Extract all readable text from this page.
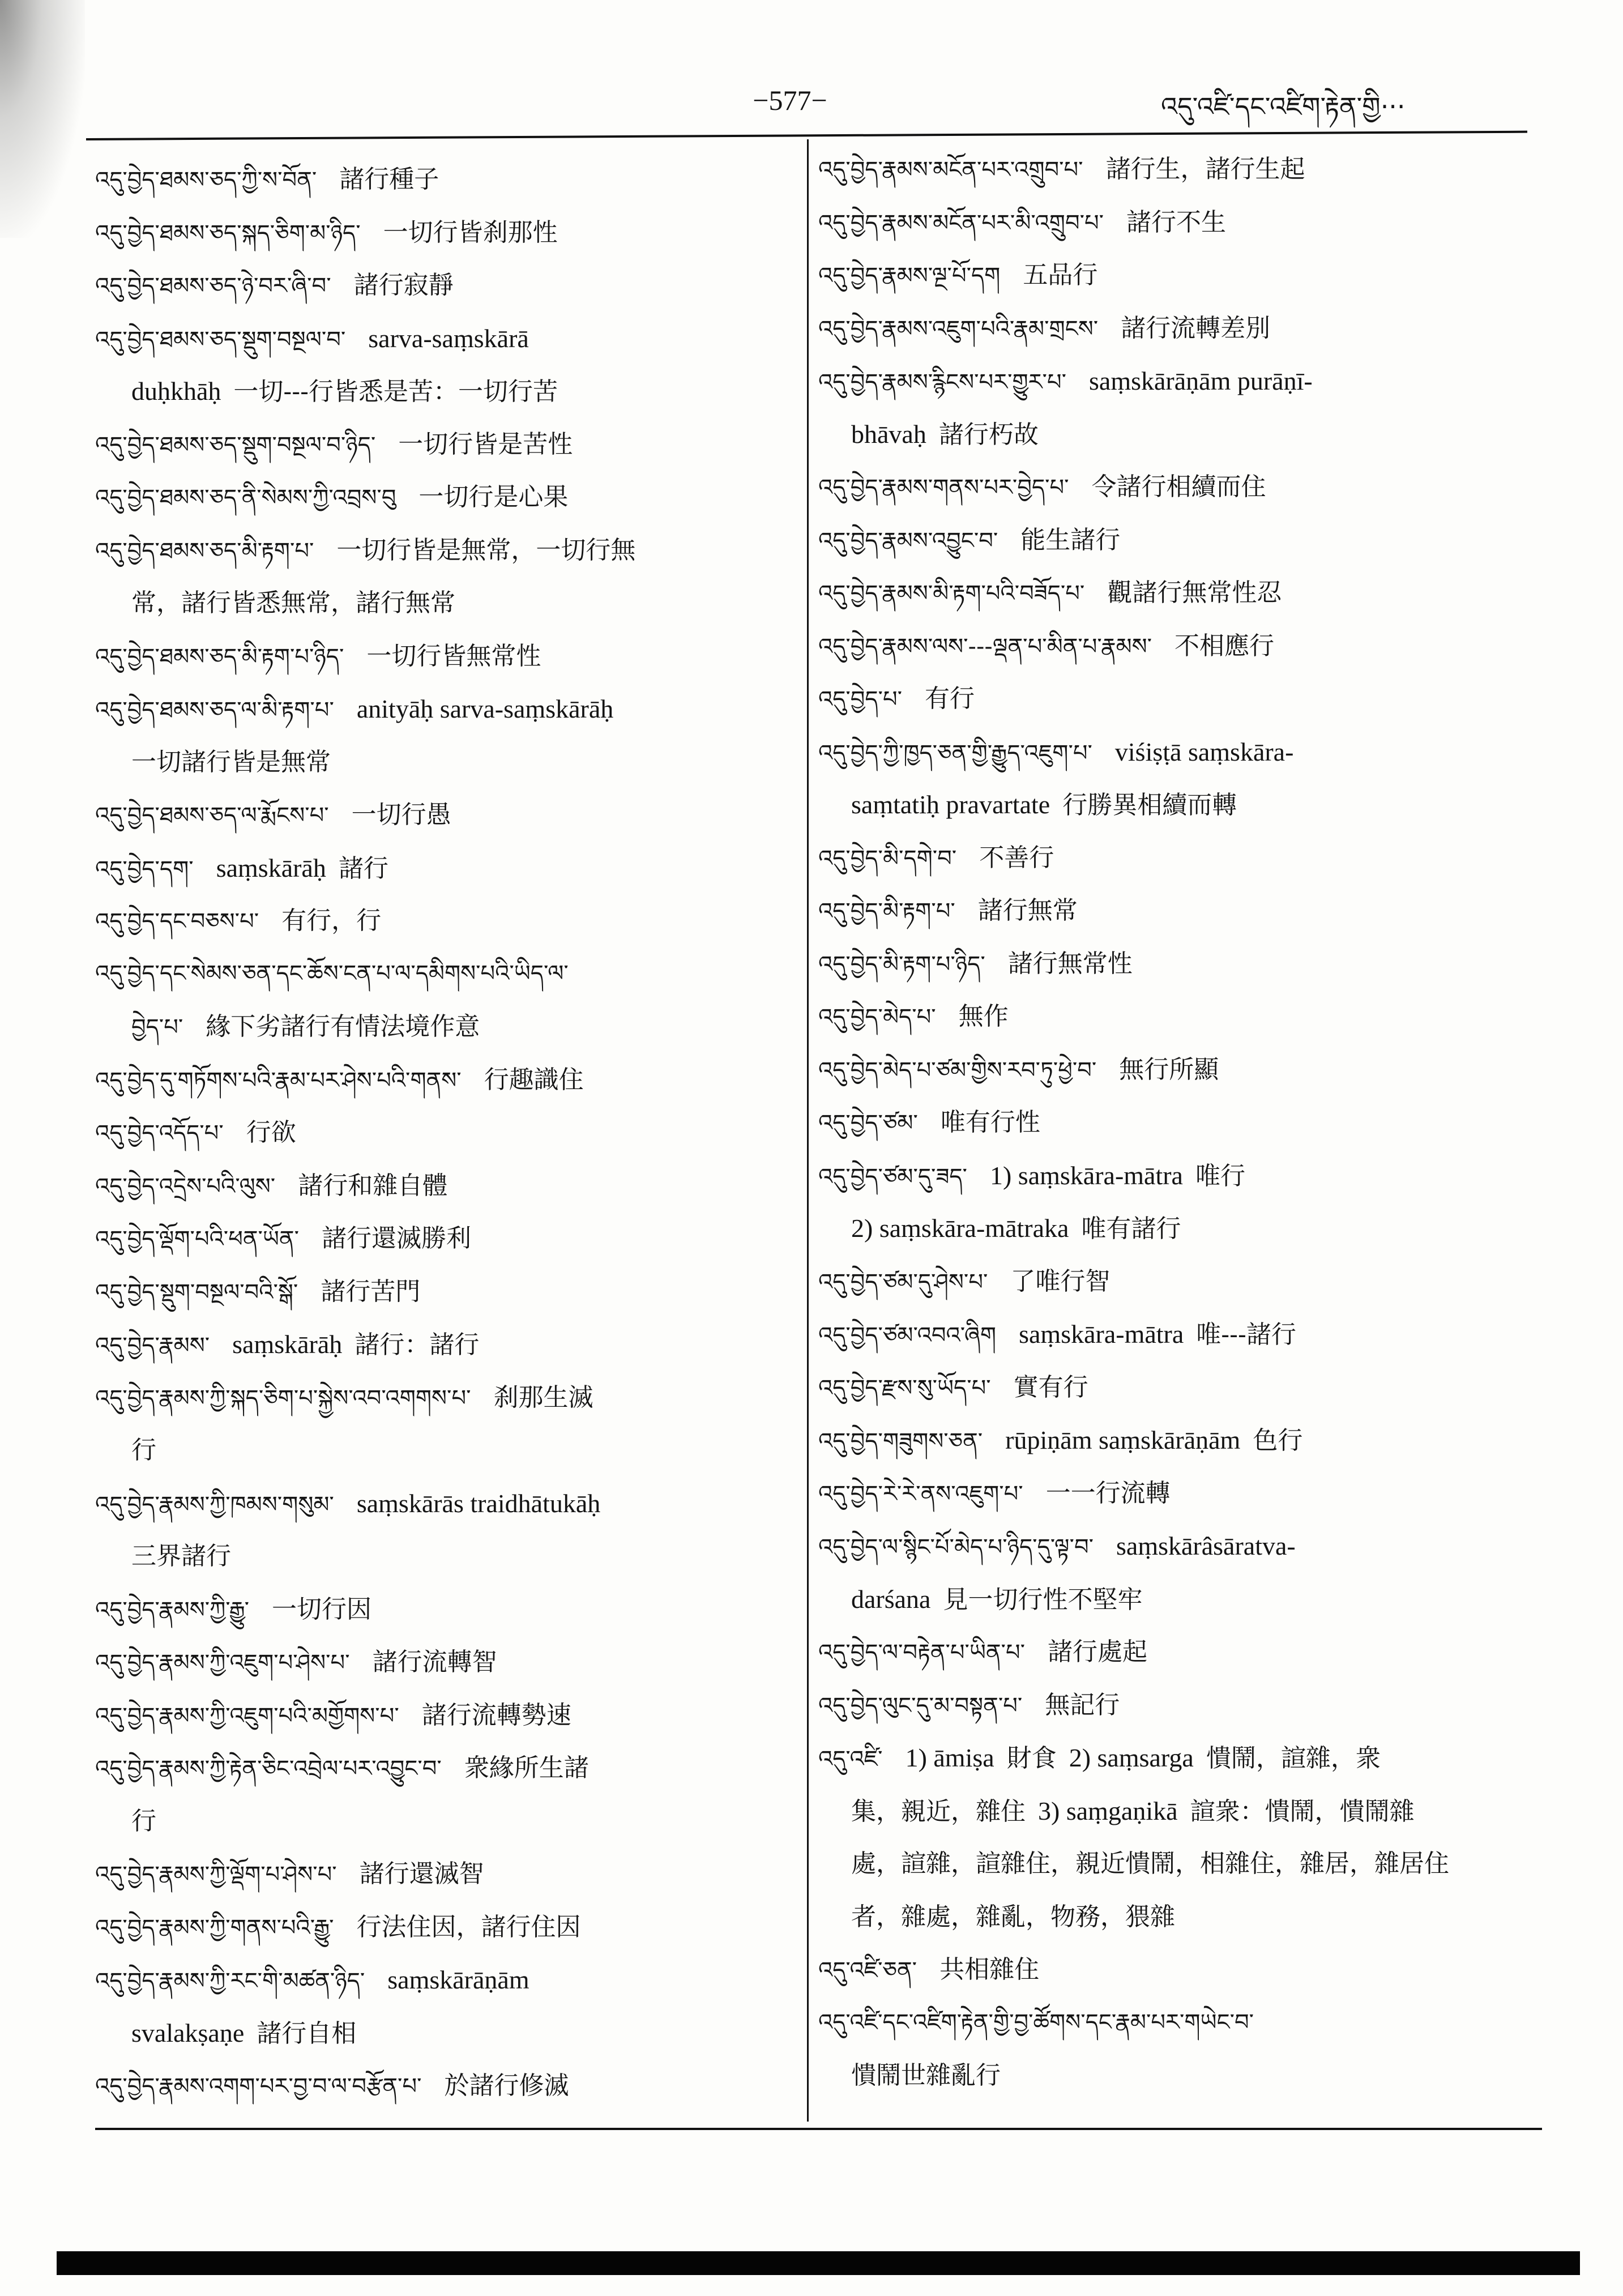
−577−	འདུ་འཛི་དང་འཛིག་རྟེན་གྱི···
འདུ་བྱེད་ཐམས་ཅད་ཀྱི་ས་བོན་ 諸行種子
འདུ་བྱེད་ཐམས་ཅད་སྐད་ཅིག་མ་ཉིད་ 一切行皆刹那性
འདུ་བྱེད་ཐམས་ཅད་ཉེ་བར་ཞི་བ་ 諸行寂靜
འདུ་བྱེད་ཐམས་ཅད་སྡུག་བསྔལ་བ་ sarva-saṃskārā
duḥkhāḥ 一切---行皆悉是苦：一切行苦
འདུ་བྱེད་ཐམས་ཅད་སྡུག་བསྔལ་བ་ཉིད་ 一切行皆是苦性
འདུ་བྱེད་ཐམས་ཅད་ནི་སེམས་ཀྱི་འབྲས་བུ 一切行是心果
འདུ་བྱེད་ཐམས་ཅད་མི་རྟག་པ་ 一切行皆是無常，一切行無
常，諸行皆悉無常，諸行無常
འདུ་བྱེད་ཐམས་ཅད་མི་རྟག་པ་ཉིད་ 一切行皆無常性
འདུ་བྱེད་ཐམས་ཅད་ལ་མི་རྟག་པ་ anityāḥ sarva-saṃskārāḥ
一切諸行皆是無常
འདུ་བྱེད་ཐམས་ཅད་ལ་རྨོངས་པ་ 一切行愚
འདུ་བྱེད་དག་ saṃskārāḥ 諸行
འདུ་བྱེད་དང་བཅས་པ་ 有行，行
འདུ་བྱེད་དང་སེམས་ཅན་དང་ཆོས་ངན་པ་ལ་དམིགས་པའི་ཡིད་ལ་
བྱེད་པ་ 緣下劣諸行有情法境作意
འདུ་བྱེད་དུ་གཏོགས་པའི་རྣམ་པར་ཤེས་པའི་གནས་ 行趣識住
འདུ་བྱེད་འདོད་པ་ 行欲
འདུ་བྱེད་འདྲེས་པའི་ལུས་ 諸行和雜自體
འདུ་བྱེད་ལྡོག་པའི་ཕན་ཡོན་ 諸行還滅勝利
འདུ་བྱེད་སྡུག་བསྔལ་བའི་སྒོ་ 諸行苦門
འདུ་བྱེད་རྣམས་ saṃskārāḥ 諸行：諸行
འདུ་བྱེད་རྣམས་ཀྱི་སྐད་ཅིག་པ་སྐྱེས་འབ་འགགས་པ་ 刹那生滅
行
འདུ་བྱེད་རྣམས་ཀྱི་ཁམས་གསུམ་ saṃskārās traidhātukāḥ
三界諸行
འདུ་བྱེད་རྣམས་ཀྱི་རྒྱུ་ 一切行因
འདུ་བྱེད་རྣམས་ཀྱི་འཇུག་པ་ཤེས་པ་ 諸行流轉智
འདུ་བྱེད་རྣམས་ཀྱི་འཇུག་པའི་མགྱོགས་པ་ 諸行流轉勢速
འདུ་བྱེད་རྣམས་ཀྱི་རྟེན་ཅིང་འབྲེལ་པར་འབྱུང་བ་ 衆緣所生諸
行
འདུ་བྱེད་རྣམས་ཀྱི་ལྡོག་པ་ཤེས་པ་ 諸行還滅智
འདུ་བྱེད་རྣམས་ཀྱི་གནས་པའི་རྒྱུ་ 行法住因，諸行住因
འདུ་བྱེད་རྣམས་ཀྱི་རང་གི་མཚན་ཉིད་ saṃskārāṇām
svalakṣaṇe 諸行自相
འདུ་བྱེད་རྣམས་འགག་པར་བྱ་བ་ལ་བརྩོན་པ་ 於諸行修滅
འདུ་བྱེད་རྣམས་མངོན་པར་འགྲུབ་པ་ 諸行生，諸行生起
འདུ་བྱེད་རྣམས་མངོན་པར་མི་འགྲུབ་པ་ 諸行不生
འདུ་བྱེད་རྣམས་ལྔ་པོ་དག 五品行
འདུ་བྱེད་རྣམས་འཇུག་པའི་རྣམ་གྲངས་ 諸行流轉差別
འདུ་བྱེད་རྣམས་རྙིངས་པར་གྱུར་པ་ saṃskārāṇām purāṇī-
bhāvaḥ 諸行朽故
འདུ་བྱེད་རྣམས་གནས་པར་བྱེད་པ་ 令諸行相續而住
འདུ་བྱེད་རྣམས་འབྱུང་བ་ 能生諸行
འདུ་བྱེད་རྣམས་མི་རྟག་པའི་བཟོད་པ་ 觀諸行無常性忍
འདུ་བྱེད་རྣམས་ལས་---ལྡན་པ་མིན་པ་རྣམས་ 不相應行
འདུ་བྱེད་པ་ 有行
འདུ་བྱེད་ཀྱི་ཁྱད་ཅན་གྱི་རྒྱུད་འཇུག་པ་ viśiṣṭā saṃskāra-
saṃtatiḥ pravartate 行勝異相續而轉
འདུ་བྱེད་མི་དགེ་བ་ 不善行
འདུ་བྱེད་མི་རྟག་པ་ 諸行無常
འདུ་བྱེད་མི་རྟག་པ་ཉིད་ 諸行無常性
འདུ་བྱེད་མེད་པ་ 無作
འདུ་བྱེད་མེད་པ་ཙམ་གྱིས་རབ་ཏུ་ཕྱེ་བ་ 無行所顯
འདུ་བྱེད་ཙམ་ 唯有行性
འདུ་བྱེད་ཙམ་དུ་ཟད་ 1) saṃskāra-mātra 唯行
2) saṃskāra-mātraka 唯有諸行
འདུ་བྱེད་ཙམ་དུ་ཤེས་པ་ 了唯行智
འདུ་བྱེད་ཙམ་འབའ་ཞིག saṃskāra-mātra 唯---諸行
འདུ་བྱེད་རྫས་སུ་ཡོད་པ་ 實有行
འདུ་བྱེད་གཟུགས་ཅན་ rūpiṇām saṃskārāṇām 色行
འདུ་བྱེད་རེ་རེ་ནས་འཇུག་པ་ 一一行流轉
འདུ་བྱེད་ལ་སྙིང་པོ་མེད་པ་ཉིད་དུ་ལྟ་བ་ saṃskārâsāratva-
darśana 見一切行性不堅牢
འདུ་བྱེད་ལ་བརྟེན་པ་ཡིན་པ་ 諸行處起
འདུ་བྱེད་ལུང་དུ་མ་བསྟན་པ་ 無記行
འདུ་འཛི་ 1) āmiṣa 財食 2) saṃsarga 憒鬧，諠雜，衆
集，親近，雜住 3) saṃgaṇikā 諠衆：憒鬧，憒鬧雜
處，諠雜，諠雜住，親近憒鬧，相雜住，雜居，雜居住
者，雜處，雜亂，物務，猥雜
འདུ་འཛི་ཅན་ 共相雜住
འདུ་འཛི་དང་འཛིག་རྟེན་གྱི་བྱ་ཚོགས་དང་རྣམ་པར་གཡེང་བ་
憒鬧世雜亂行
